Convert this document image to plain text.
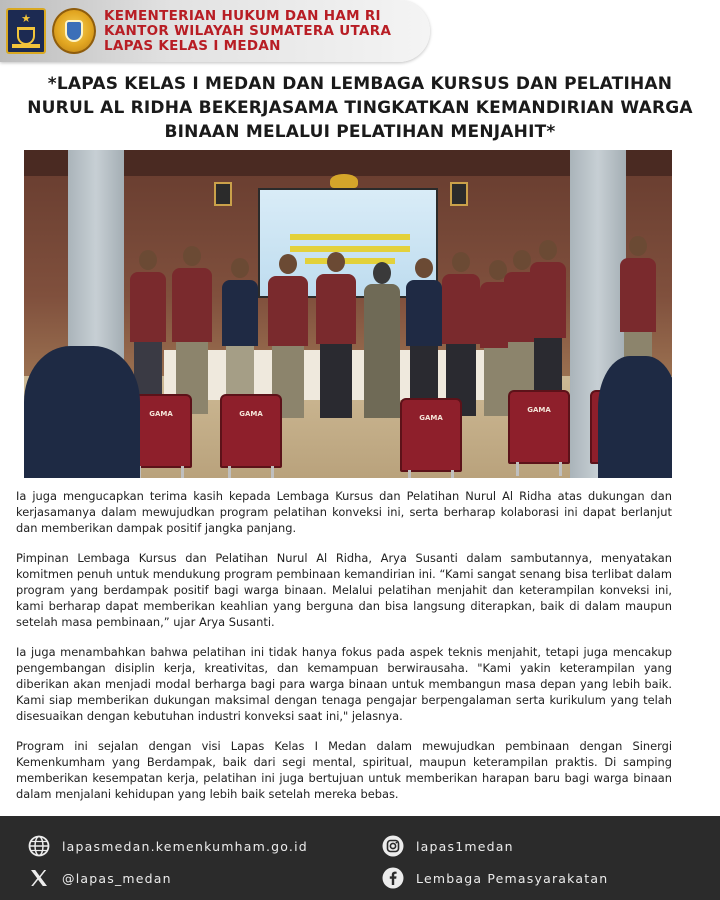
★	KEMENTERIAN HUKUM DAN HAM RI
KANTOR WILAYAH SUMATERA UTARA
LAPAS KELAS I MEDAN
*LAPAS KELAS I MEDAN DAN LEMBAGA KURSUS DAN PELATIHAN NURUL AL RIDHA BEKERJASAMA TINGKATKAN KEMANDIRIAN WARGA BINAAN MELALUI PELATIHAN MENJAHIT*
GAMA	GAMA	GAMA
GAMA

Ia juga mengucapkan terima kasih kepada Lembaga Kursus dan Pelatihan Nurul Al Ridha atas dukungan dan kerjasamanya dalam mewujudkan program pelatihan konveksi ini, serta berharap kolaborasi ini dapat berlanjut dan memberikan dampak positif jangka panjang.

Pimpinan Lembaga Kursus dan Pelatihan Nurul Al Ridha, Arya Susanti dalam sambutannya, menyatakan komitmen penuh untuk mendukung program pembinaan kemandirian ini. “Kami sangat senang bisa terlibat dalam program yang berdampak positif bagi warga binaan. Melalui pelatihan menjahit dan keterampilan konveksi ini, kami berharap dapat memberikan keahlian yang berguna dan bisa langsung diterapkan, baik di dalam maupun setelah masa pembinaan,” ujar Arya Susanti.

Ia juga menambahkan bahwa pelatihan ini tidak hanya fokus pada aspek teknis menjahit, tetapi juga mencakup pengembangan disiplin kerja, kreativitas, dan kemampuan berwirausaha. "Kami yakin keterampilan yang diberikan akan menjadi modal berharga bagi para warga binaan untuk membangun masa depan yang lebih baik. Kami siap memberikan dukungan maksimal dengan tenaga pengajar berpengalaman serta kurikulum yang telah disesuaikan dengan kebutuhan industri konveksi saat ini," jelasnya.

Program ini sejalan dengan visi Lapas Kelas I Medan dalam mewujudkan pembinaan dengan Sinergi Kemenkumham yang Berdampak, baik dari segi mental, spiritual, maupun keterampilan praktis. Di samping memberikan kesempatan kerja, pelatihan ini juga bertujuan untuk memberikan harapan baru bagi warga binaan dalam menjalani kehidupan yang lebih baik setelah mereka bebas.

lapasmedan.kemenkumham.go.id
@lapas_medan
lapas1medan
Lembaga Pemasyarakatan
